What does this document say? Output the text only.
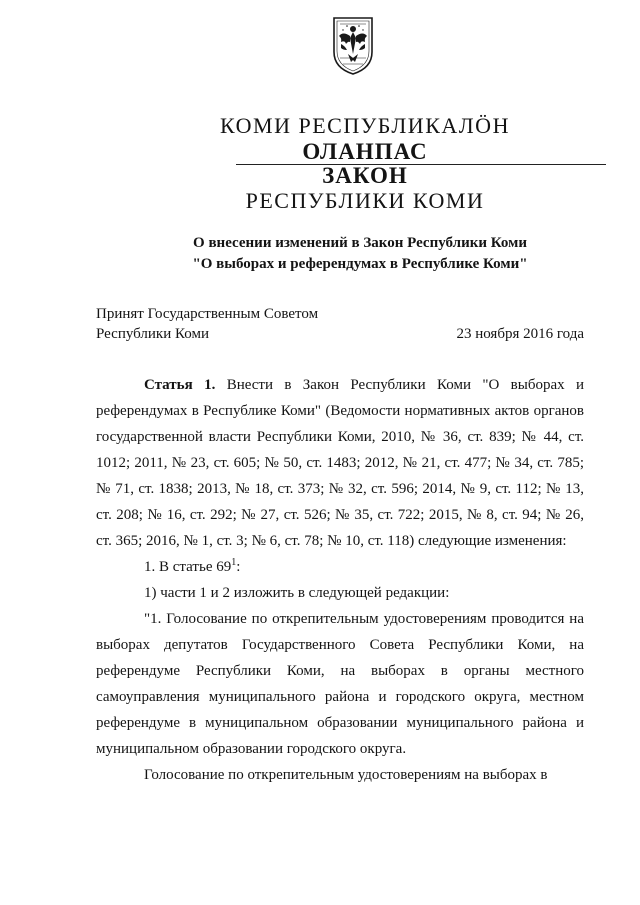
КОМИ РЕСПУБЛИКАЛÖН
ОЛАНПАС
ЗАКОН
РЕСПУБЛИКИ КОМИ
О внесении изменений в Закон Республики Коми
"О выборах и референдумах в Республике Коми"
Принят Государственным Советом
Республики Коми	23 ноября 2016 года

Статья 1. Внести в Закон Республики Коми "О выборах и референдумах в Республике Коми" (Ведомости нормативных актов органов государственной власти Республики Коми, 2010, № 36, ст. 839; № 44, ст. 1012; 2011, № 23, ст. 605; № 50, ст. 1483; 2012, № 21, ст. 477; № 34, ст. 785; № 71, ст. 1838; 2013, № 18, ст. 373; № 32, ст. 596; 2014, № 9, ст. 112; № 13, ст. 208; № 16, ст. 292; № 27, ст. 526; № 35, ст. 722; 2015, № 8, ст. 94; № 26, ст. 365; 2016, № 1, ст. 3; № 6, ст. 78; № 10, ст. 118) следующие изменения:

1. В статье $69^1$:

1) части 1 и 2 изложить в следующей редакции:

"1. Голосование по открепительным удостоверениям проводится на выборах депутатов Государственного Совета Республики Коми, на референдуме Республики Коми, на выборах в органы местного самоуправления муниципального района и городского округа, местном референдуме в муниципальном образовании муниципального района и муниципальном образовании городского округа.

Голосование по открепительным удостоверениям на выборах в
